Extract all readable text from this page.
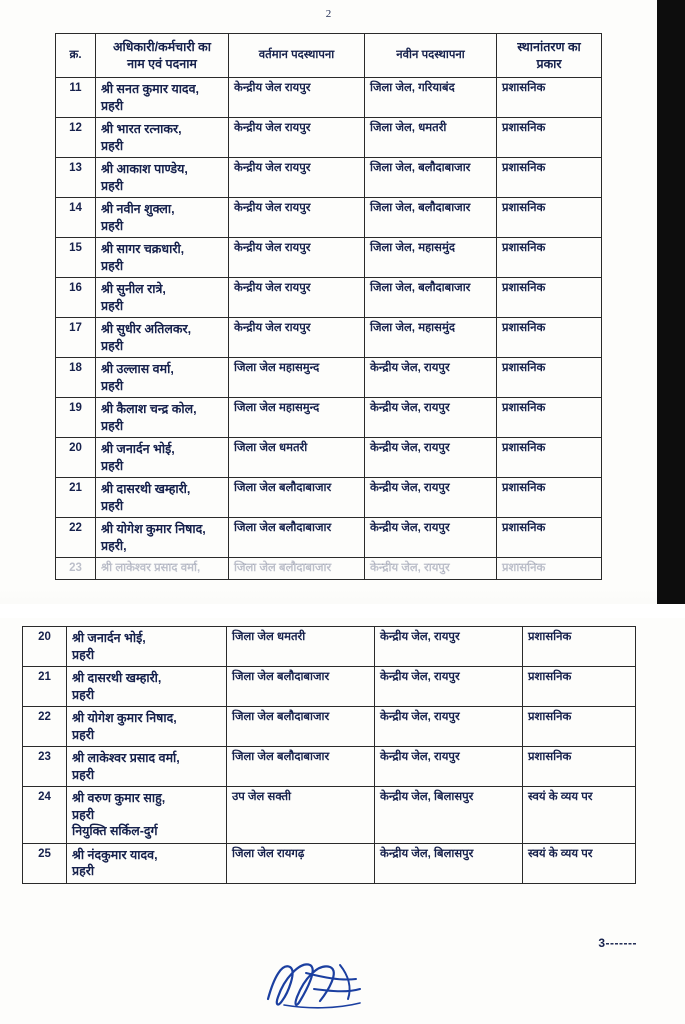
2
क्र.	अधिकारी/कर्मचारी का
नाम एवं पदनाम	वर्तमान पदस्थापना	नवीन पदस्थापना	स्थानांतरण का
प्रकार

11	श्री सनत कुमार यादव,
प्रहरी	केन्द्रीय जेल रायपुर	जिला जेल, गरियाबंद	प्रशासनिक
12	श्री भारत रत्नाकर,
प्रहरी	केन्द्रीय जेल रायपुर	जिला जेल, धमतरी	प्रशासनिक
13	श्री आकाश पाण्डेय,
प्रहरी	केन्द्रीय जेल रायपुर	जिला जेल, बलौदाबाजार	प्रशासनिक
14	श्री नवीन शुक्ला,
प्रहरी	केन्द्रीय जेल रायपुर	जिला जेल, बलौदाबाजार	प्रशासनिक
15	श्री सागर चक्रधारी,
प्रहरी	केन्द्रीय जेल रायपुर	जिला जेल, महासमुंद	प्रशासनिक
16	श्री सुनील रात्रे,
प्रहरी	केन्द्रीय जेल रायपुर	जिला जेल, बलौदाबाजार	प्रशासनिक
17	श्री सुधीर अतिलकर,
प्रहरी	केन्द्रीय जेल रायपुर	जिला जेल, महासमुंद	प्रशासनिक
18	श्री उल्लास वर्मा,
प्रहरी	जिला जेल महासमुन्द	केन्द्रीय जेल, रायपुर	प्रशासनिक
19	श्री कैलाश चन्द्र कोल,
प्रहरी	जिला जेल महासमुन्द	केन्द्रीय जेल, रायपुर	प्रशासनिक
20	श्री जनार्दन भोई,
प्रहरी	जिला जेल धमतरी	केन्द्रीय जेल, रायपुर	प्रशासनिक
21	श्री दासरथी खम्हारी,
प्रहरी	जिला जेल बलौदाबाजार	केन्द्रीय जेल, रायपुर	प्रशासनिक
22	श्री योगेश कुमार निषाद,
प्रहरी,	जिला जेल बलौदाबाजार	केन्द्रीय जेल, रायपुर	प्रशासनिक
23	श्री लाकेश्वर प्रसाद वर्मा,	जिला जेल बलौदाबाजार	केन्द्रीय जेल, रायपुर	प्रशासनिक
20	श्री जनार्दन भोई,
प्रहरी	जिला जेल धमतरी	केन्द्रीय जेल, रायपुर	प्रशासनिक
21	श्री दासरथी खम्हारी,
प्रहरी	जिला जेल बलौदाबाजार	केन्द्रीय जेल, रायपुर	प्रशासनिक
22	श्री योगेश कुमार निषाद,
प्रहरी	जिला जेल बलौदाबाजार	केन्द्रीय जेल, रायपुर	प्रशासनिक
23	श्री लाकेश्वर प्रसाद वर्मा,
प्रहरी	जिला जेल बलौदाबाजार	केन्द्रीय जेल, रायपुर	प्रशासनिक
24	श्री वरुण कुमार साहु,
प्रहरी
नियुक्ति सर्किल-दुर्ग	उप जेल सक्ती	केन्द्रीय जेल, बिलासपुर	स्वयं के व्यय पर
25	श्री नंदकुमार यादव,
प्रहरी	जिला जेल रायगढ़	केन्द्रीय जेल, बिलासपुर	स्वयं के व्यय पर
3-------
